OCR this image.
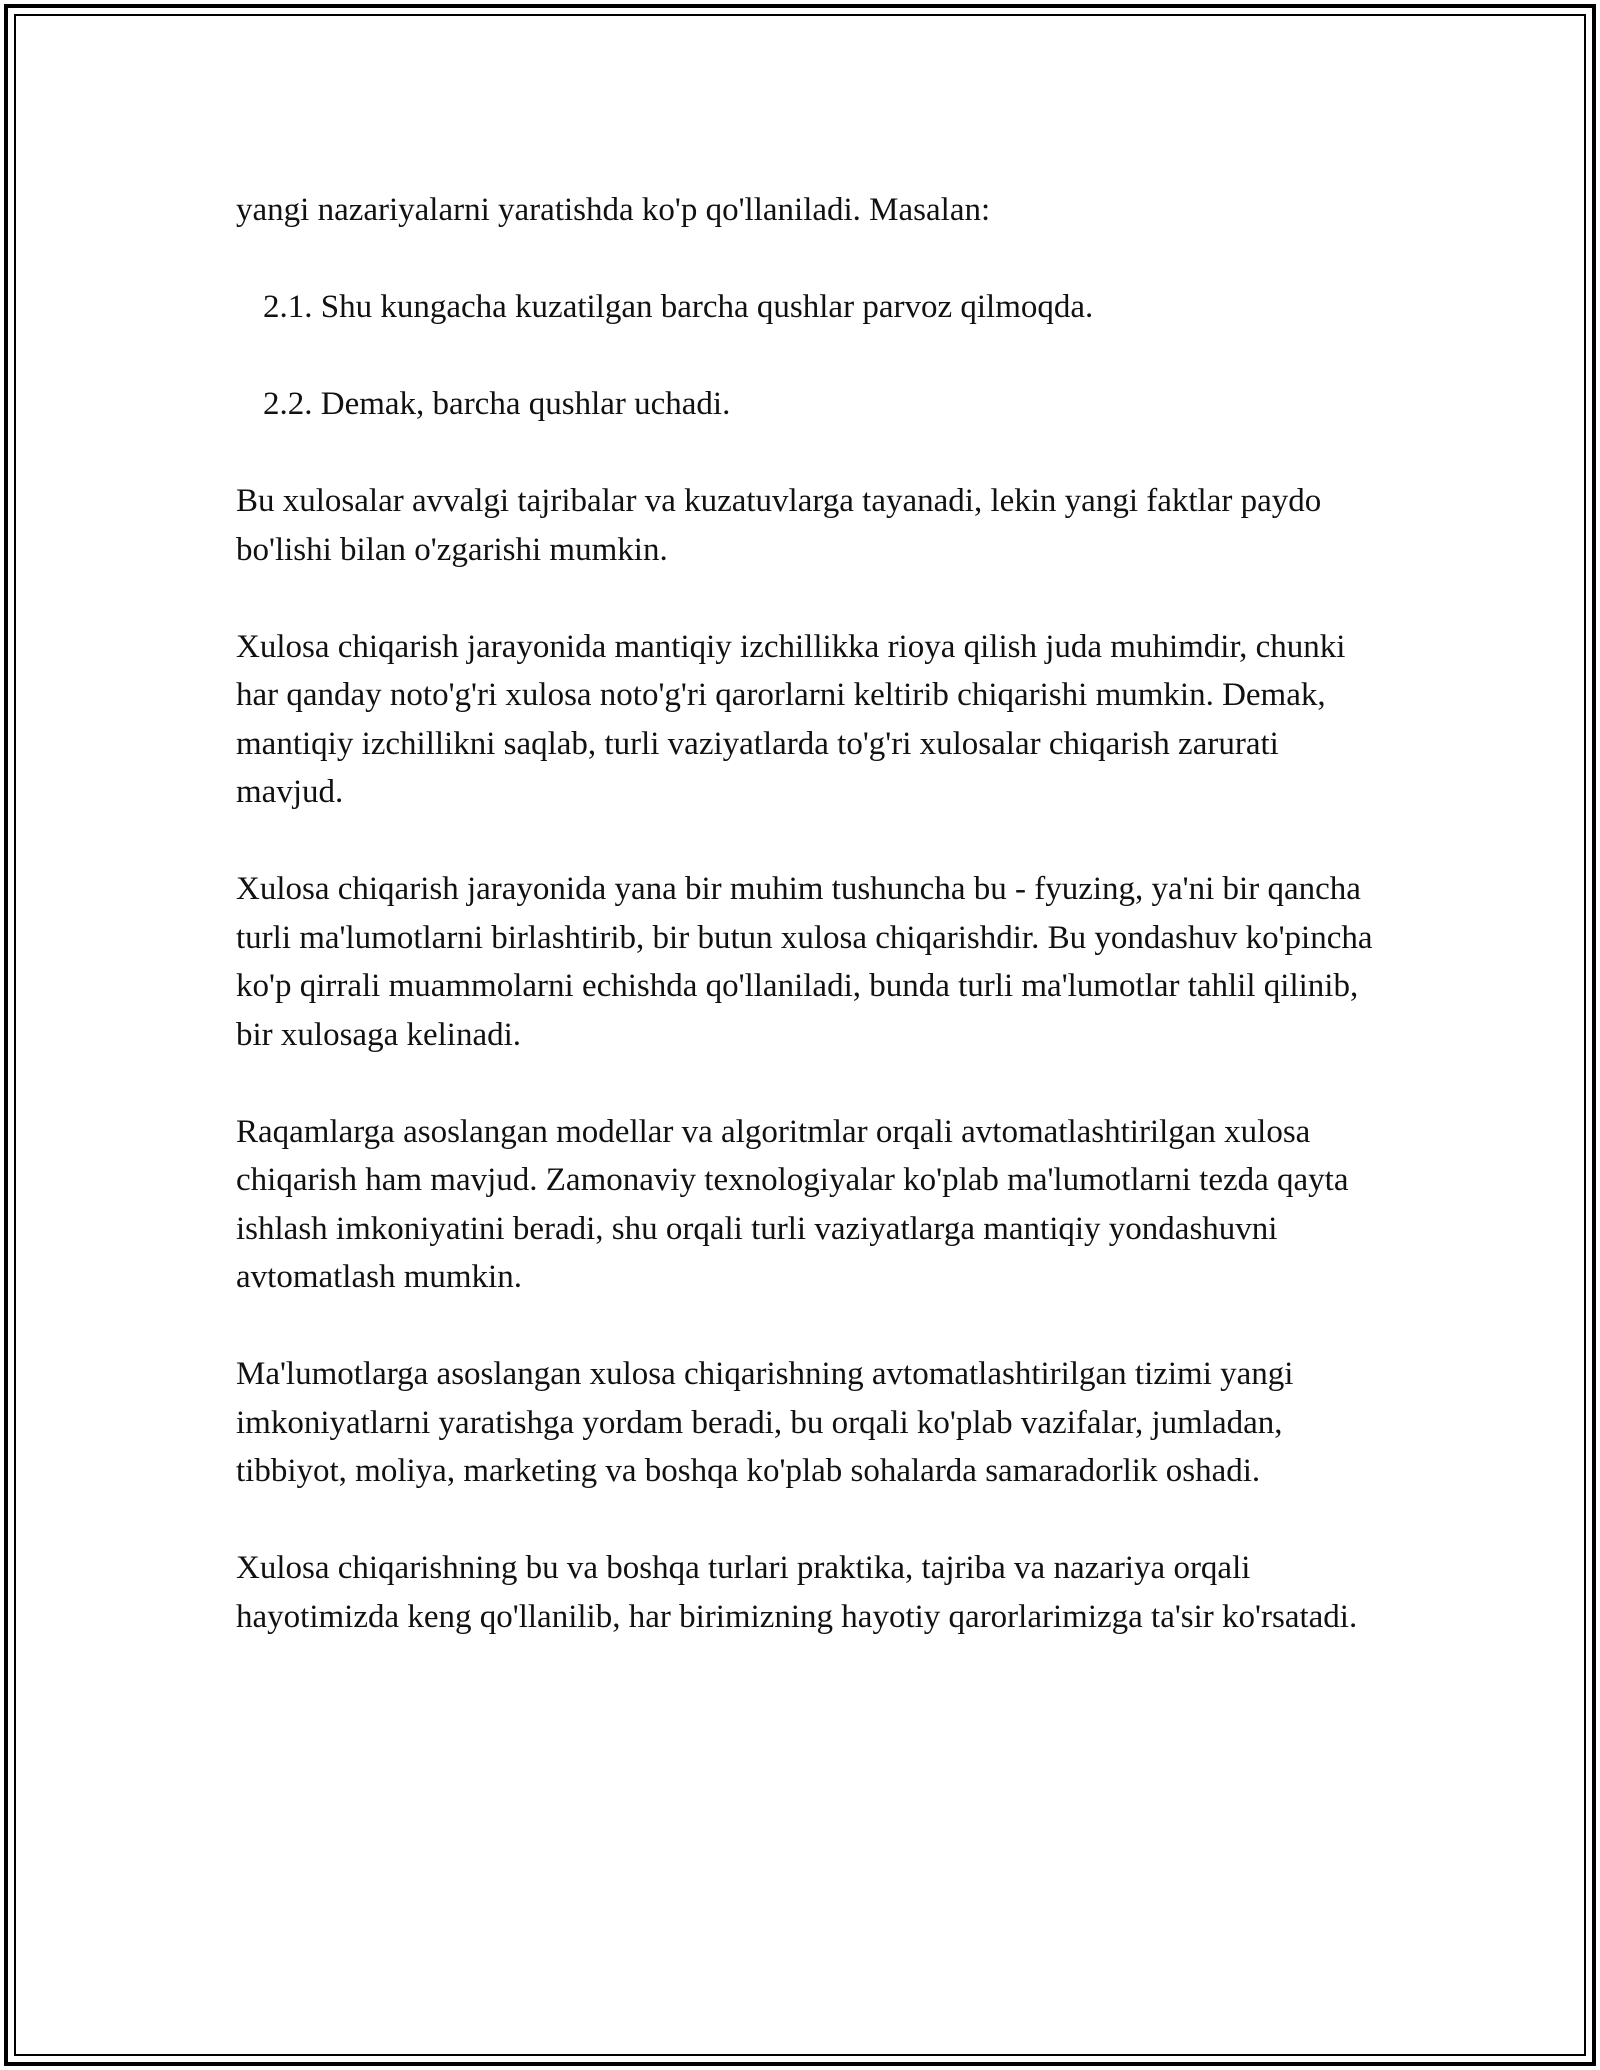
yangi nazariyalarni yaratishda ko'p qo'llaniladi. Masalan:

2.1. Shu kungacha kuzatilgan barcha qushlar parvoz qilmoqda.

2.2. Demak, barcha qushlar uchadi.

Bu xulosalar avvalgi tajribalar va kuzatuvlarga tayanadi, lekin yangi faktlar paydo bo'lishi bilan o'zgarishi mumkin.

Xulosa chiqarish jarayonida mantiqiy izchillikka rioya qilish juda muhimdir, chunki har qanday noto'g'ri xulosa noto'g'ri qarorlarni keltirib chiqarishi mumkin. Demak, mantiqiy izchillikni saqlab, turli vaziyatlarda to'g'ri xulosalar chiqarish zarurati mavjud.

Xulosa chiqarish jarayonida yana bir muhim tushuncha bu - fyuzing, ya'ni bir qancha turli ma'lumotlarni birlashtirib, bir butun xulosa chiqarishdir. Bu yondashuv ko'pincha ko'p qirrali muammolarni echishda qo'llaniladi, bunda turli ma'lumotlar tahlil qilinib, bir xulosaga kelinadi.

Raqamlarga asoslangan modellar va algoritmlar orqali avtomatlashtirilgan xulosa chiqarish ham mavjud. Zamonaviy texnologiyalar ko'plab ma'lumotlarni tezda qayta ishlash imkoniyatini beradi, shu orqali turli vaziyatlarga mantiqiy yondashuvni avtomatlash mumkin.

Ma'lumotlarga asoslangan xulosa chiqarishning avtomatlashtirilgan tizimi yangi imkoniyatlarni yaratishga yordam beradi, bu orqali ko'plab vazifalar, jumladan, tibbiyot, moliya, marketing va boshqa ko'plab sohalarda samaradorlik oshadi.

Xulosa chiqarishning bu va boshqa turlari praktika, tajriba va nazariya orqali hayotimizda keng qo'llanilib, har birimizning hayotiy qarorlarimizga ta'sir ko'rsatadi.
